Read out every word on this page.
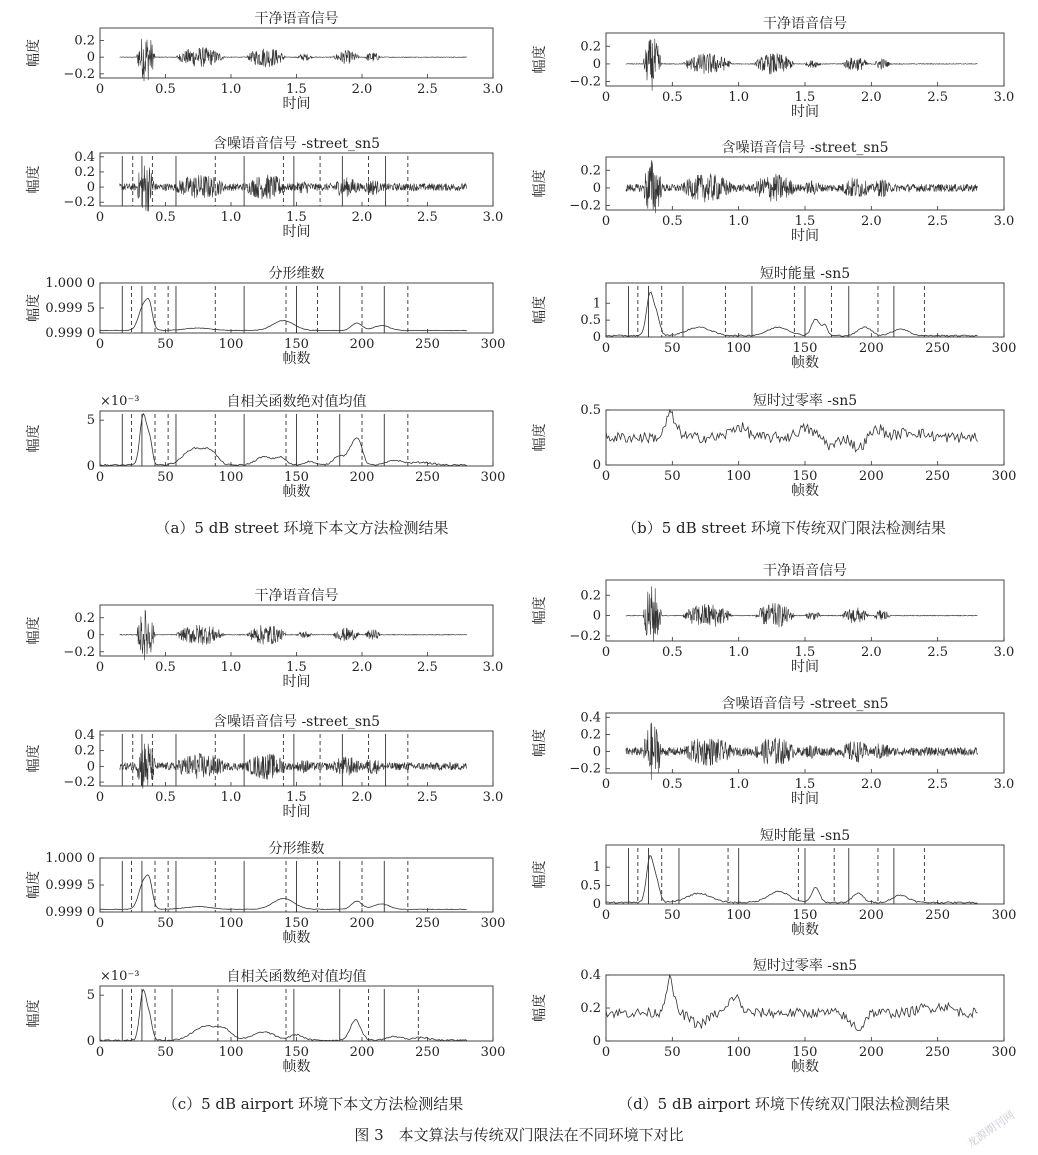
干净语音信号
0	0.5	1.0	1.5	2.0	2.5	3.0
时间
0.2
0
−0.2
幅度
含噪语音信号 -street_sn5
0	0.5	1.0	1.5	2.0	2.5	3.0
时间
0.4
0.2
0
−0.2
幅度
分形维数
0	50	100	150	200	250	300
帧数
1.000 0
0.999 5
0.999 0
幅度
自相关函数绝对值均值
0	50	100	150	200	250	300
帧数
5
0
幅度
×10⁻³
干净语音信号
0	0.5	1.0	1.5	2.0	2.5	3.0
时间
0.2
0
−0.2
幅度
含噪语音信号 -street_sn5
0	0.5	1.0	1.5	2.0	2.5	3.0
时间
0.2
0
−0.2
幅度
短时能量 -sn5
0	50	100	150	200	250	300
帧数
1
0.5
0
幅度
短时过零率 -sn5
0	50	100	150	200	250	300
帧数
0.5
0
幅度
干净语音信号
0	0.5	1.0	1.5	2.0	2.5	3.0
时间
0.2
0
−0.2
幅度
含噪语音信号 -street_sn5
0	0.5	1.0	1.5	2.0	2.5	3.0
时间
0.4
0.2
0
−0.2
幅度
分形维数
0	50	100	150	200	250	300
帧数
1.000 0
0.999 5
0.999 0
幅度
自相关函数绝对值均值
0	50	100	150	200	250	300
帧数
5
0
幅度
×10⁻³
干净语音信号
0	0.5	1.0	1.5	2.0	2.5	3.0
时间
0.2
0
−0.2
幅度
含噪语音信号 -street_sn5
0	0.5	1.0	1.5	2.0	2.5	3.0
时间
0.4
0.2
0
−0.2
幅度
短时能量 -sn5
0	50	100	150	200	250	300
帧数
1
0.5
0
幅度
短时过零率 -sn5
0	50	100	150	200	250	300
帧数
0.4
0.2
0
幅度
（a）5 dB street 环境下本文方法检测结果	（b）5 dB street 环境下传统双门限法检测结果
（c）5 dB airport 环境下本文方法检测结果	（d）5 dB airport 环境下传统双门限法检测结果
图 3　本文算法与传统双门限法在不同环境下对比	龙源期刊网
